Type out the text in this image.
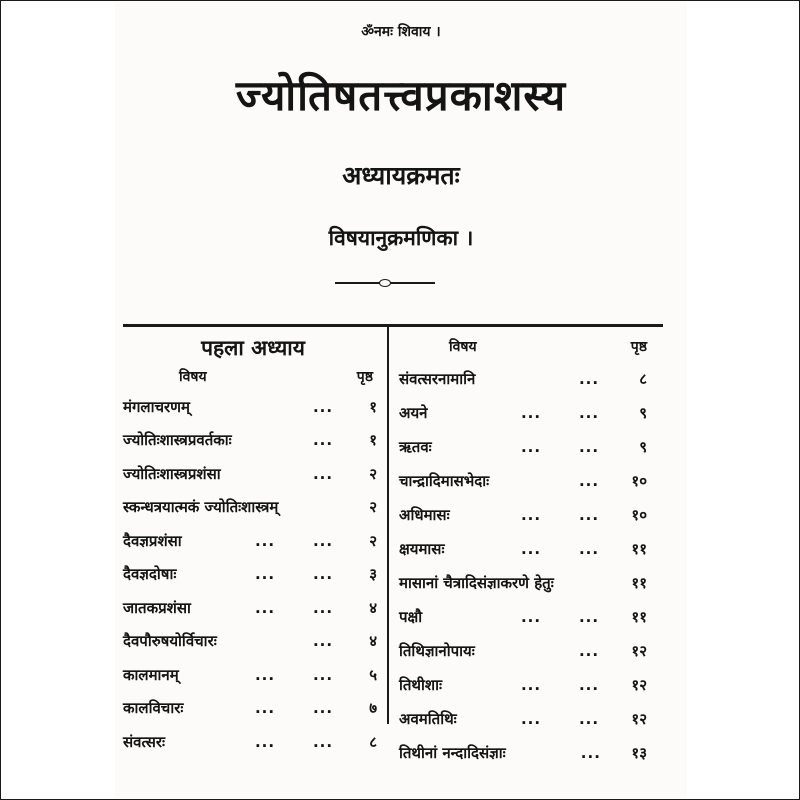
ॐनमः शिवाय ।
ज्योतिषतत्त्वप्रकाशस्य
अध्यायक्रमतः
विषयानुक्रमणिका ।
पहला अध्याय
विषय	पृष्ठ
मंगलाचरणम्	...	१
ज्योतिःशास्त्रप्रवर्तकाः	...	१
ज्योतिःशास्त्रप्रशंसा	...	२
स्कन्धत्रयात्मकं ज्योतिःशास्त्रम्	२
दैवज्ञप्रशंसा	...	...	२
दैवज्ञदोषाः	...	...	३
जातकप्रशंसा	...	...	४
दैवपौरुषयोर्विचारः	...	४
कालमानम्	...	...	५
कालविचारः	...	...	७
संवत्सरः	...	...	८
विषय	पृष्ठ
संवत्सरनामानि	...	८
अयने	...	...	९
ऋतवः	...	...	९
चान्द्रादिमासभेदाः	...	१०
अधिमासः	...	...	१०
क्षयमासः	...	...	११
मासानां चैत्रादिसंज्ञाकरणे हेतुः	११
पक्षौ	...	...	११
तिथिज्ञानोपायः	...	१२
तिथीशाः	...	...	१२
अवमतिथिः	...	...	१२
तिथीनां नन्दादिसंज्ञाः	...	१३
